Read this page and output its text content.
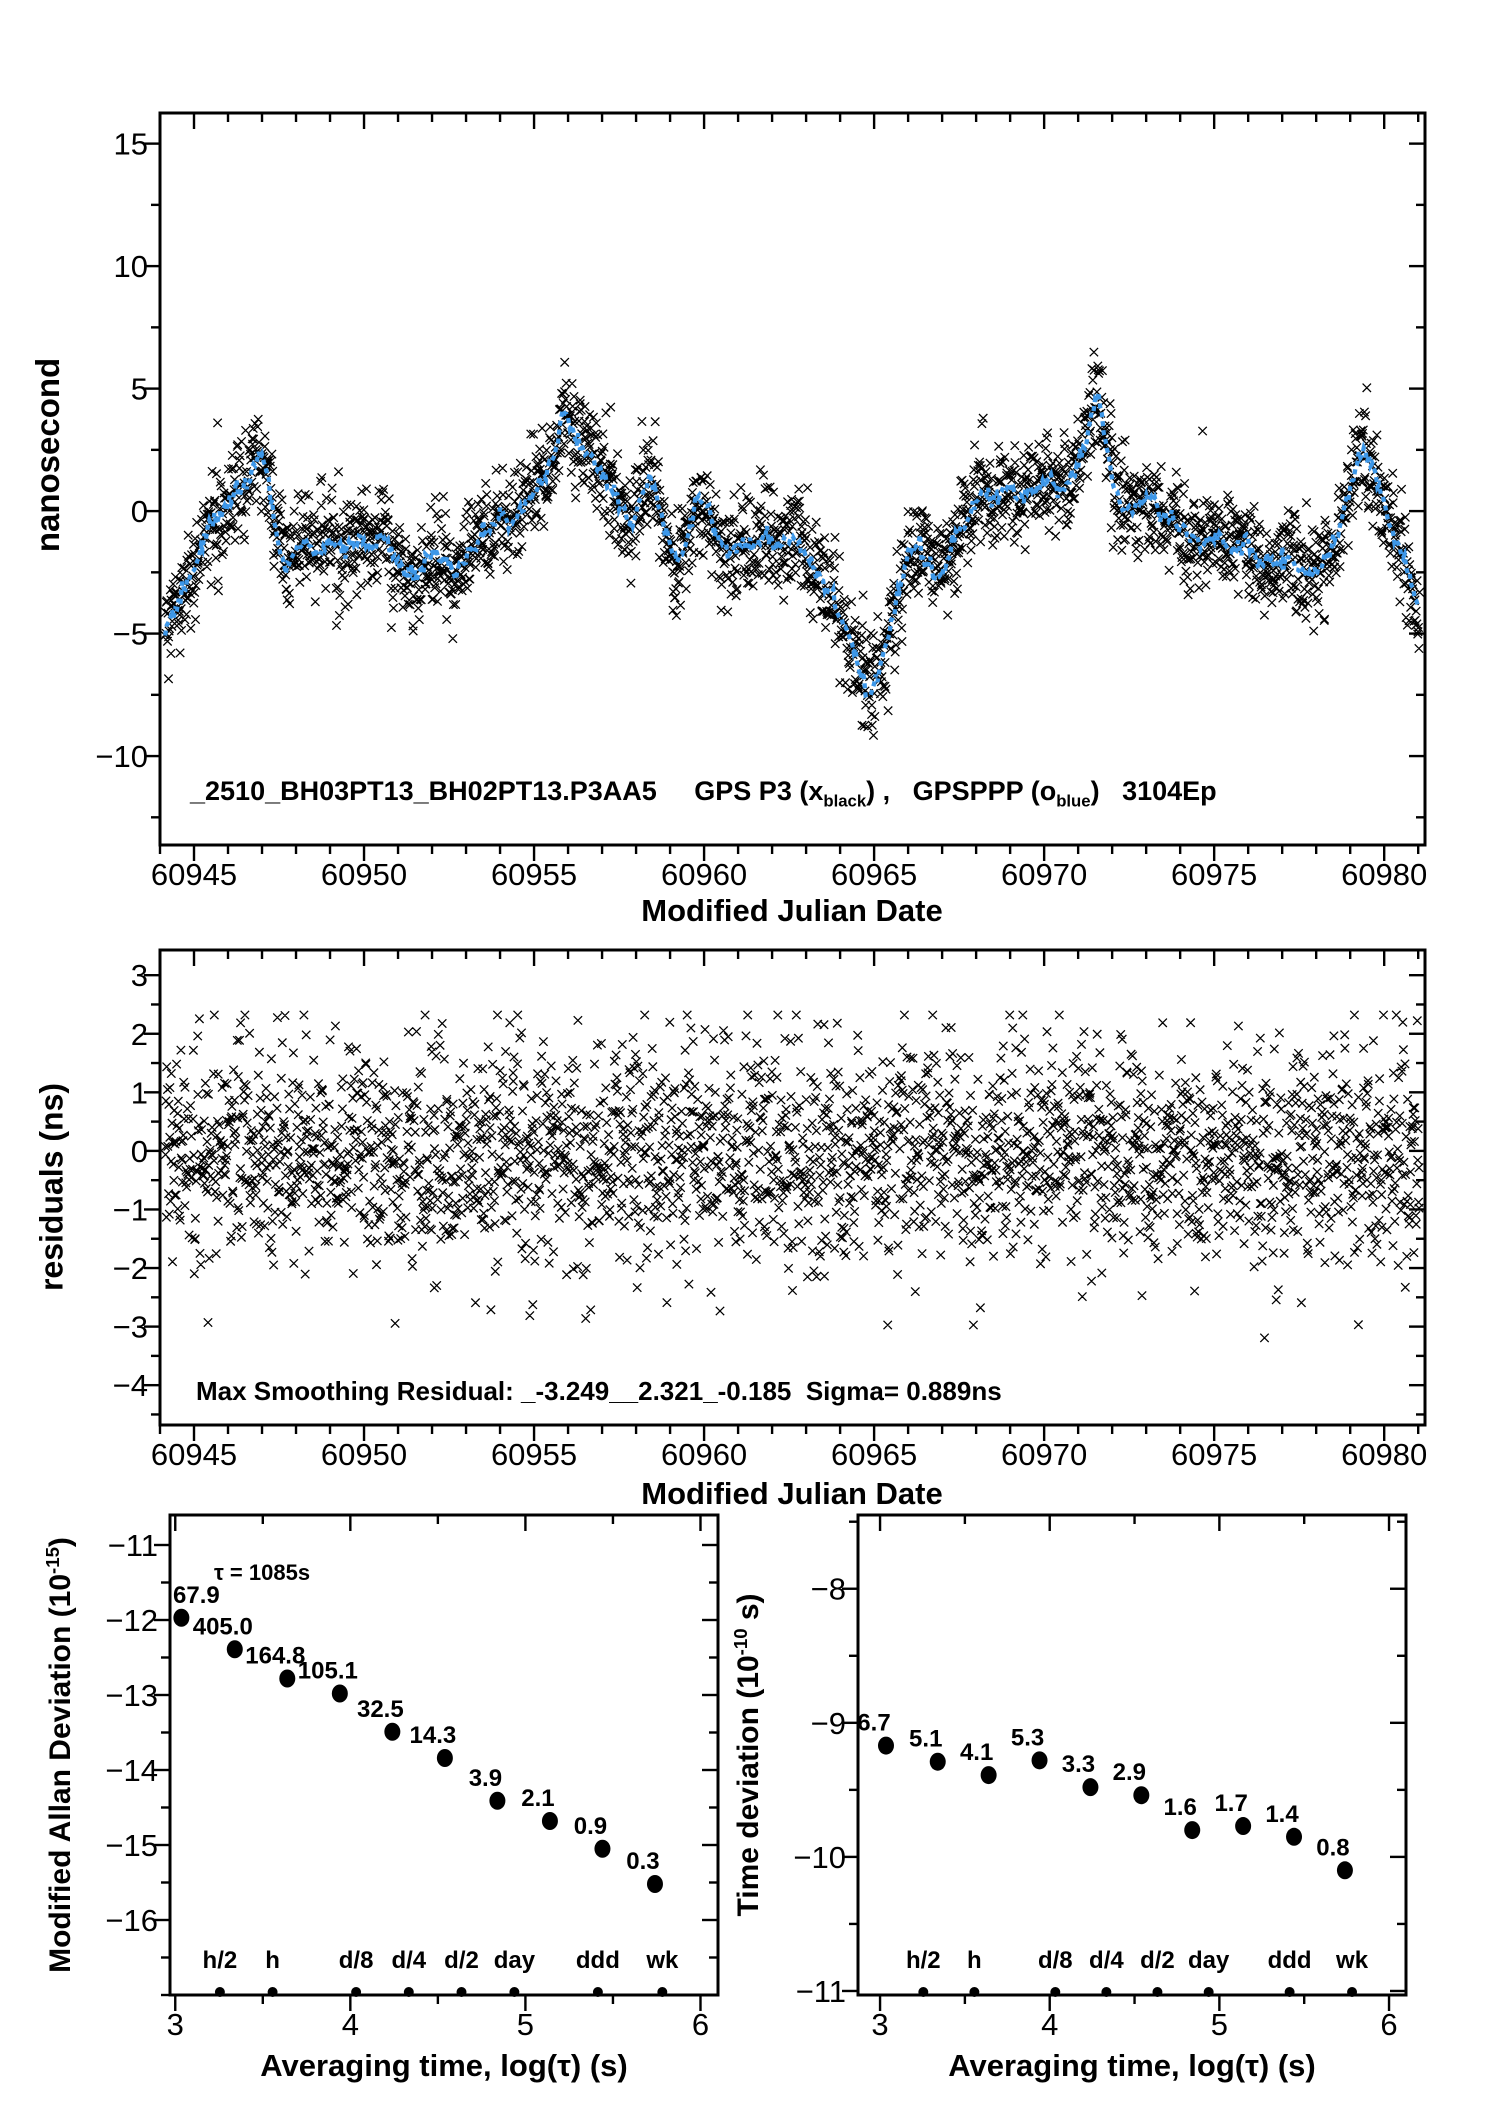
60945	60950	60955	60960	60965	60970	60975	60980
15
10
5
0
−5
−10
60945	60950	60955	60960	60965	60970	60975	60980
3
2
1
0
−1
−2
−3
−4
3	4	5	6
−11
−12
−13
−14
−15
−16
67.9
405.0
164.8
105.1
32.5
14.3
3.9
2.1
0.9
0.3
h/2 h d/8 d/4 d/2 day ddd wk
3	4	5	6
−8
−9
−10
−11
6.7
5.1 4.1
5.3
3.3 2.9
1.6 1.7 1.4
0.8
h/2 h d/8 d/4 d/2 day ddd wk
nanosecond
residuals (ns)
Modified Allan Deviation $(10^{-15})$
Time deviation ($10^{-10}$ s)
Modified Julian Date
Modified Julian Date
Averaging time, log(τ) (s)	Averaging time, log(τ) (s)
_2510_BH03PT13_BH02PT13.P3AA5     GPS P3 $(x_{black})$ ,   GPSPPP $(o_{blue})$   3104Ep
Max Smoothing Residual: _-3.249__2.321_-0.185  Sigma= 0.889ns
τ = 1085s
